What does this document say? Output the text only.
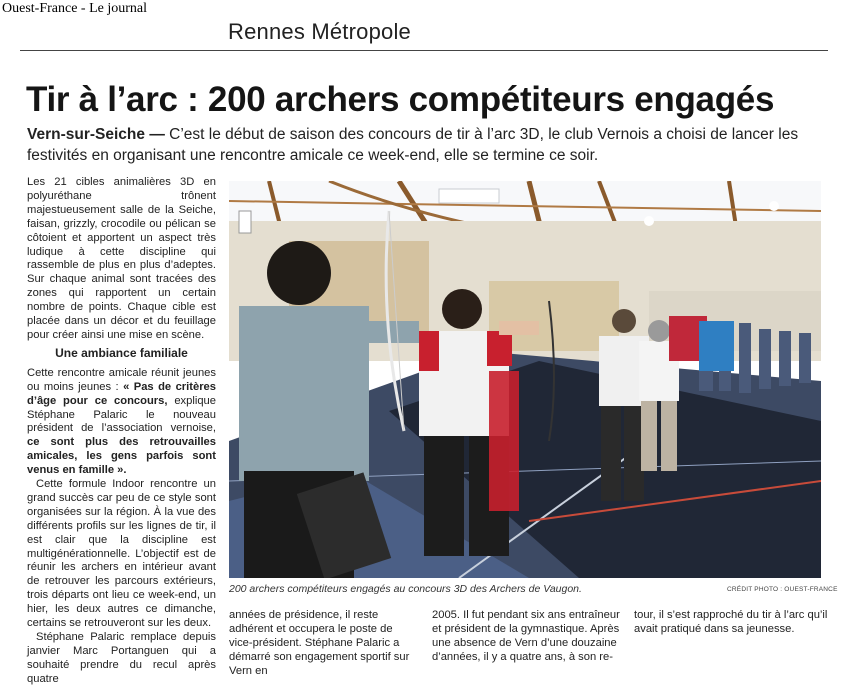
Ouest-France - Le journal
Rennes Métropole
Tir à l’arc : 200 archers compétiteurs engagés
Vern-sur-Seiche — C’est le début de saison des concours de tir à l’arc 3D, le club Vernois a choisi de lancer les festivités en organisant une rencontre amicale ce week-end, elle se termine ce soir.

Les 21 cibles animalières 3D en polyuréthane trônent majestueusement salle de la Seiche, faisan, grizzly, crocodile ou pélican se côtoient et apportent un aspect très ludique à cette discipline qui rassemble de plus en plus d’adeptes. Sur chaque animal sont tracées des zones qui rapportent un certain nombre de points. Chaque cible est placée dans un décor et du feuillage pour créer ainsi une mise en scène.

Une ambiance familiale

Cette rencontre amicale réunit jeunes ou moins jeunes : « Pas de critères d’âge pour ce concours, explique Stéphane Palaric le nouveau président de l’association vernoise, ce sont plus des retrouvailles amicales, les gens parfois sont venus en famille ».

Cette formule Indoor rencontre un grand succès car peu de ce style sont organisées sur la région. À la vue des différents profils sur les lignes de tir, il est clair que la discipline est multigénérationnelle. L’objectif est de réunir les archers en intérieur avant de retrouver les parcours extérieurs, trois départs ont lieu ce week-end, un hier, les deux autres ce dimanche, certains se retrouveront sur les deux.

Stéphane Palaric remplace depuis janvier Marc Portanguen qui a souhaité prendre du recul après quatre

200 archers compétiteurs engagés au concours 3D des Archers de Vaugon.	CRÉDIT PHOTO : OUEST-FRANCE
années de présidence, il reste adhérent et occupera le poste de vice-président. Stéphane Palaric a démarré son engagement sportif sur Vern en
2005. Il fut pendant six ans entraîneur et président de la gymnastique. Après une absence de Vern d’une douzaine d’années, il y a quatre ans, à son re-
tour, il s’est rapproché du tir à l’arc qu’il avait pratiqué dans sa jeunesse.
